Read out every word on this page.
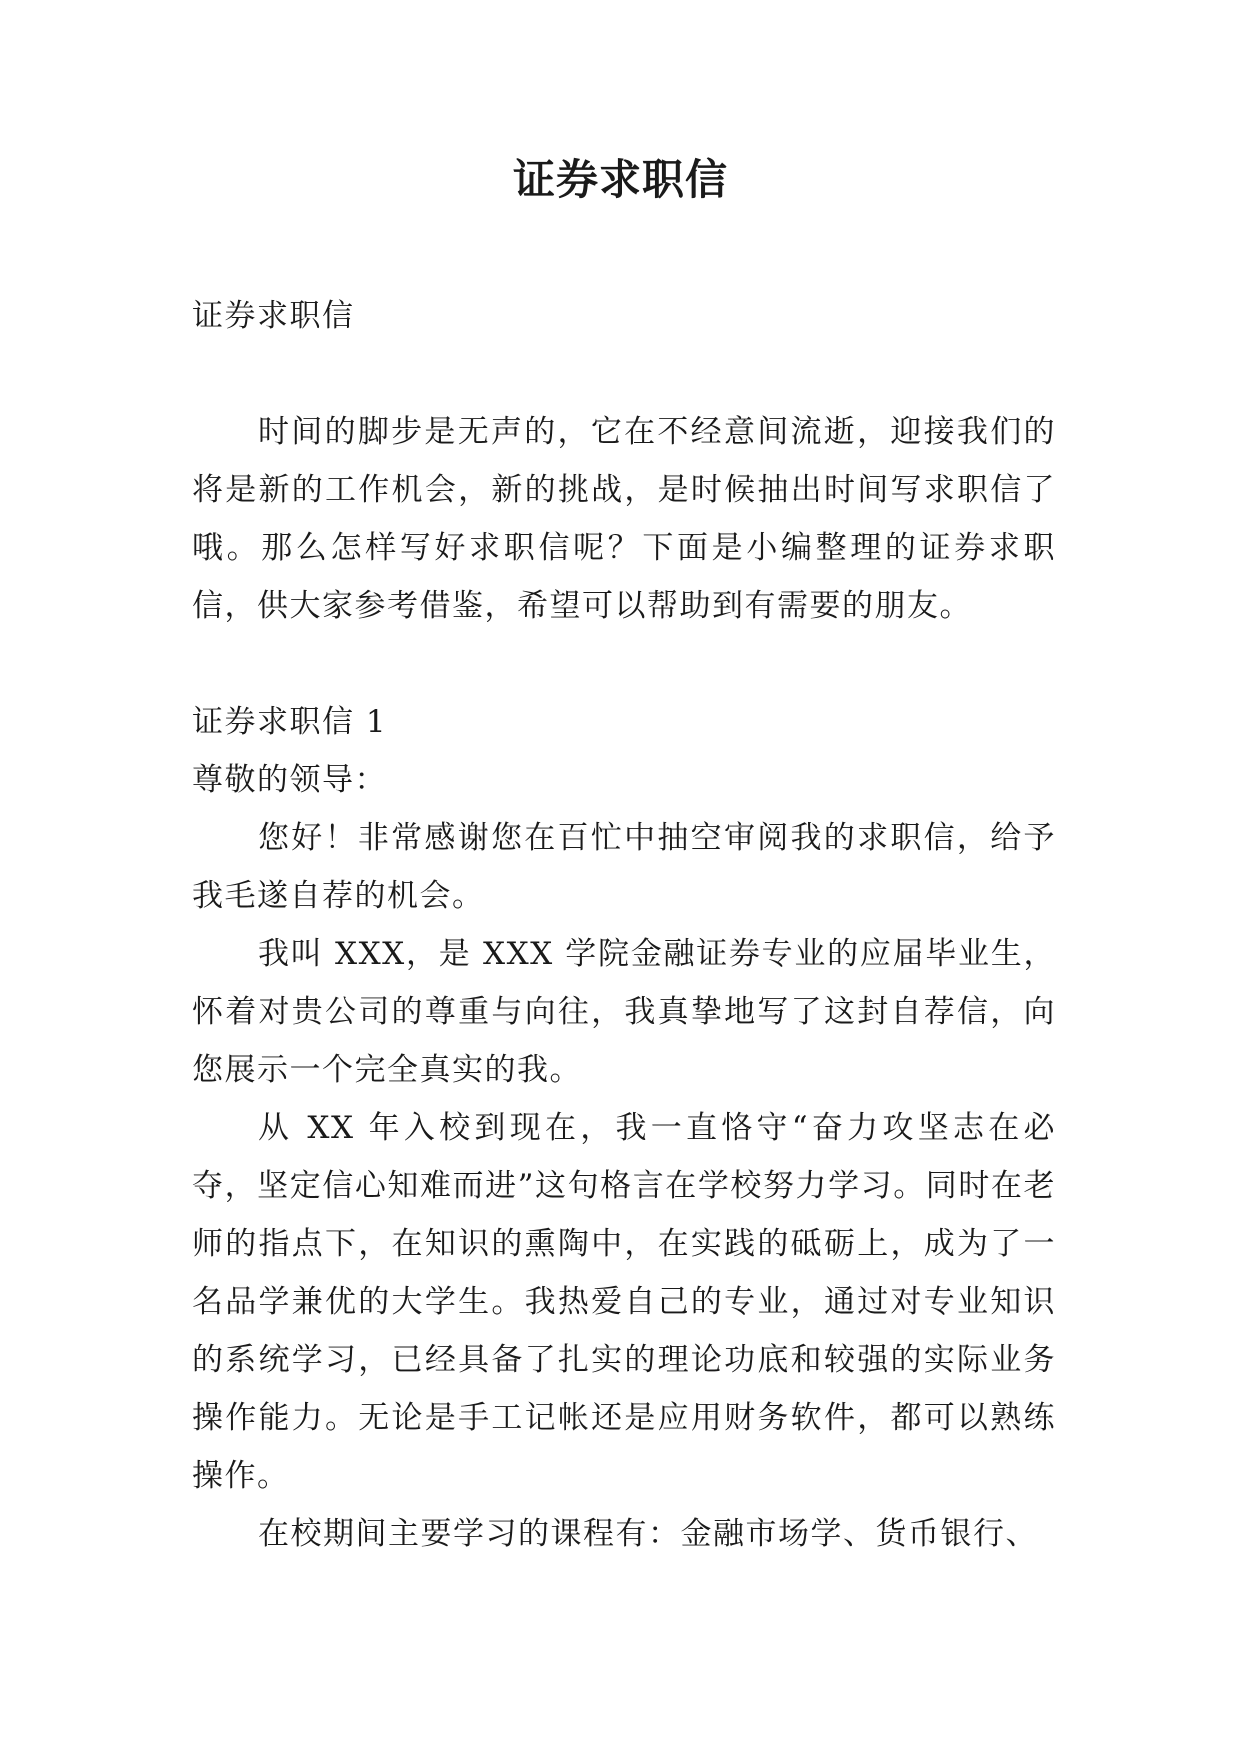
证券求职信
证券求职信
时间的脚步是无声的，它在不经意间流逝，迎接我们的将是新的工作机会，新的挑战，是时候抽出时间写求职信了哦。那么怎样写好求职信呢？下面是小编整理的证券求职信，供大家参考借鉴，希望可以帮助到有需要的朋友。
证券求职信 1
尊敬的领导：
您好！非常感谢您在百忙中抽空审阅我的求职信，给予我毛遂自荐的机会。
我叫 XXX，是 XXX 学院金融证券专业的应届毕业生，怀着对贵公司的尊重与向往，我真挚地写了这封自荐信，向您展示一个完全真实的我。
从 XX 年入校到现在，我一直恪守“奋力攻坚志在必夺，坚定信心知难而进”这句格言在学校努力学习。同时在老师的指点下，在知识的熏陶中，在实践的砥砺上，成为了一名品学兼优的大学生。我热爱自己的专业，通过对专业知识的系统学习，已经具备了扎实的理论功底和较强的实际业务操作能力。无论是手工记帐还是应用财务软件，都可以熟练操作。
在校期间主要学习的课程有：金融市场学、货币银行、
